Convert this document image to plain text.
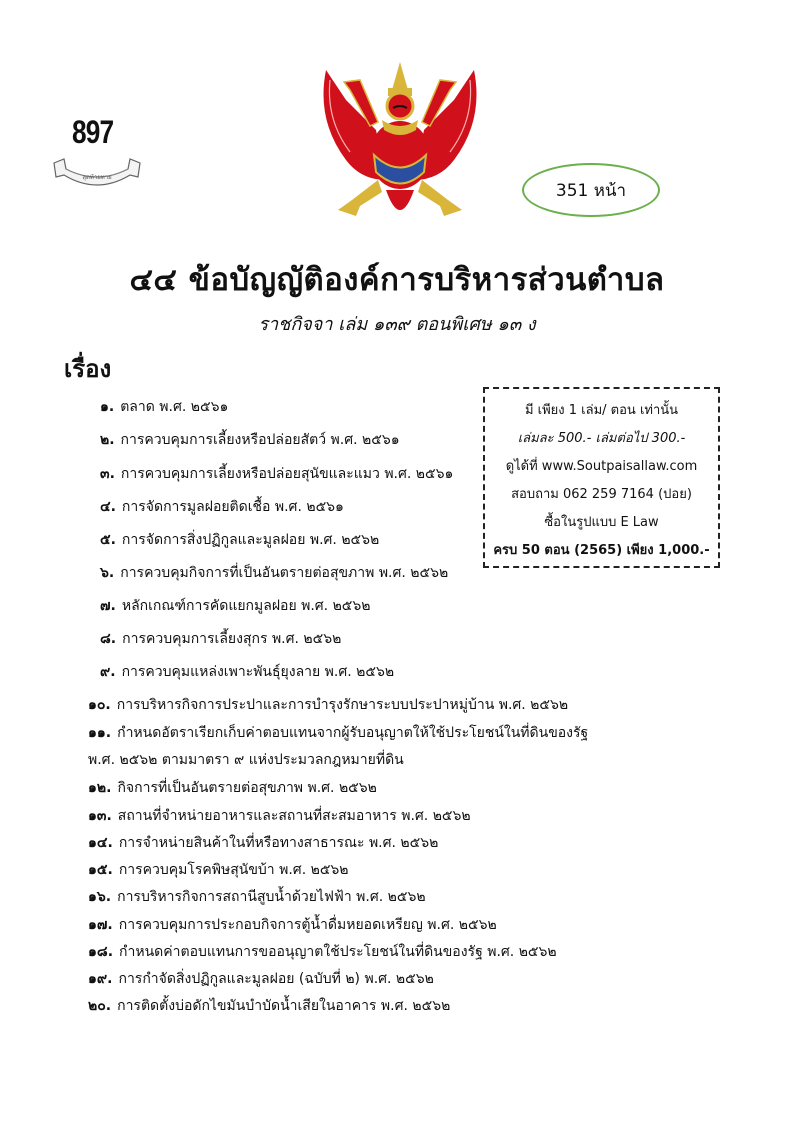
897
สุดท้ายทาย
351 หน้า
๔๔ ข้อบัญญัติองค์การบริหารส่วนตำบล
ราชกิจจา เล่ม ๑๓๙ ตอนพิเศษ ๑๓ ง
เรื่อง
มี เพียง 1 เล่ม/ ตอน เท่านั้น
เล่มละ 500.- เล่มต่อไป 300.-
ดูได้ที่ www.Soutpaisallaw.com
สอบถาม 062 259 7164 (ปอย)
ซื้อในรูปแบบ E Law
ครบ 50 ตอน (2565) เพียง 1,000.-
๑. ตลาด พ.ศ. ๒๕๖๑
๒. การควบคุมการเลี้ยงหรือปล่อยสัตว์ พ.ศ. ๒๕๖๑
๓. การควบคุมการเลี้ยงหรือปล่อยสุนัขและแมว พ.ศ. ๒๕๖๑
๔. การจัดการมูลฝอยติดเชื้อ พ.ศ. ๒๕๖๑
๕. การจัดการสิ่งปฏิกูลและมูลฝอย พ.ศ. ๒๕๖๒
๖. การควบคุมกิจการที่เป็นอันตรายต่อสุขภาพ พ.ศ. ๒๕๖๒
๗. หลักเกณฑ์การคัดแยกมูลฝอย พ.ศ. ๒๕๖๒
๘. การควบคุมการเลี้ยงสุกร พ.ศ. ๒๕๖๒
๙. การควบคุมแหล่งเพาะพันธุ์ยุงลาย พ.ศ. ๒๕๖๒
๑๐. การบริหารกิจการประปาและการบำรุงรักษาระบบประปาหมู่บ้าน พ.ศ. ๒๕๖๒
๑๑. กำหนดอัตราเรียกเก็บค่าตอบแทนจากผู้รับอนุญาตให้ใช้ประโยชน์ในที่ดินของรัฐ
พ.ศ. ๒๕๖๒ ตามมาตรา ๙ แห่งประมวลกฎหมายที่ดิน
๑๒. กิจการที่เป็นอันตรายต่อสุขภาพ พ.ศ. ๒๕๖๒
๑๓. สถานที่จำหน่ายอาหารและสถานที่สะสมอาหาร พ.ศ. ๒๕๖๒
๑๔. การจำหน่ายสินค้าในที่หรือทางสาธารณะ พ.ศ. ๒๕๖๒
๑๕. การควบคุมโรคพิษสุนัขบ้า พ.ศ. ๒๕๖๒
๑๖. การบริหารกิจการสถานีสูบน้ำด้วยไฟฟ้า พ.ศ. ๒๕๖๒
๑๗. การควบคุมการประกอบกิจการตู้น้ำดื่มหยอดเหรียญ พ.ศ. ๒๕๖๒
๑๘. กำหนดค่าตอบแทนการขออนุญาตใช้ประโยชน์ในที่ดินของรัฐ พ.ศ. ๒๕๖๒
๑๙. การกำจัดสิ่งปฏิกูลและมูลฝอย (ฉบับที่ ๒) พ.ศ. ๒๕๖๒
๒๐. การติดตั้งบ่อดักไขมันบำบัดน้ำเสียในอาคาร พ.ศ. ๒๕๖๒
